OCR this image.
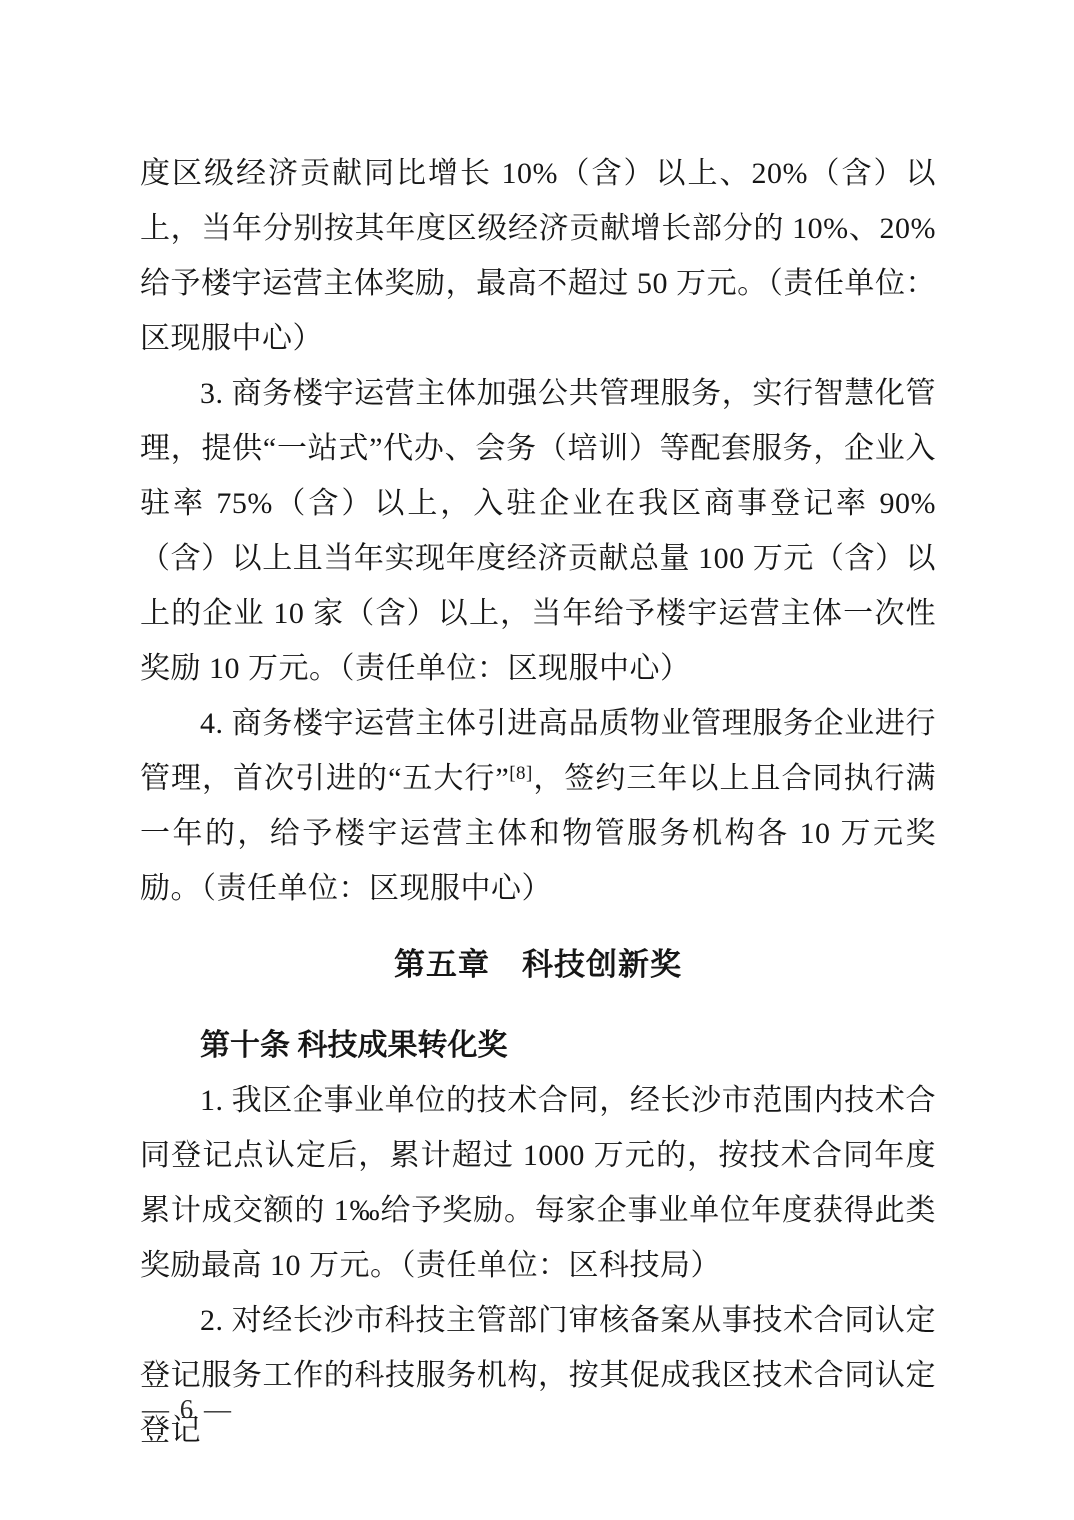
度区级经济贡献同比增长 10%（含）以上、20%（含）以上，当年分别按其年度区级经济贡献增长部分的 10%、20%给予楼宇运营主体奖励，最高不超过 50 万元。（责任单位：区现服中心）

3. 商务楼宇运营主体加强公共管理服务，实行智慧化管理，提供“一站式”代办、会务（培训）等配套服务，企业入驻率 75%（含）以上，入驻企业在我区商事登记率 90%（含）以上且当年实现年度经济贡献总量 100 万元（含）以上的企业 10 家（含）以上，当年给予楼宇运营主体一次性奖励 10 万元。（责任单位：区现服中心）

4. 商务楼宇运营主体引进高品质物业管理服务企业进行管理，首次引进的“五大行”[8]，签约三年以上且合同执行满一年的，给予楼宇运营主体和物管服务机构各 10 万元奖励。（责任单位：区现服中心）

第五章　科技创新奖
第十条 科技成果转化奖

1. 我区企事业单位的技术合同，经长沙市范围内技术合同登记点认定后，累计超过 1000 万元的，按技术合同年度累计成交额的 1‰给予奖励。每家企事业单位年度获得此类奖励最高 10 万元。（责任单位：区科技局）

2. 对经长沙市科技主管部门审核备案从事技术合同认定登记服务工作的科技服务机构，按其促成我区技术合同认定登记

— 6 —
